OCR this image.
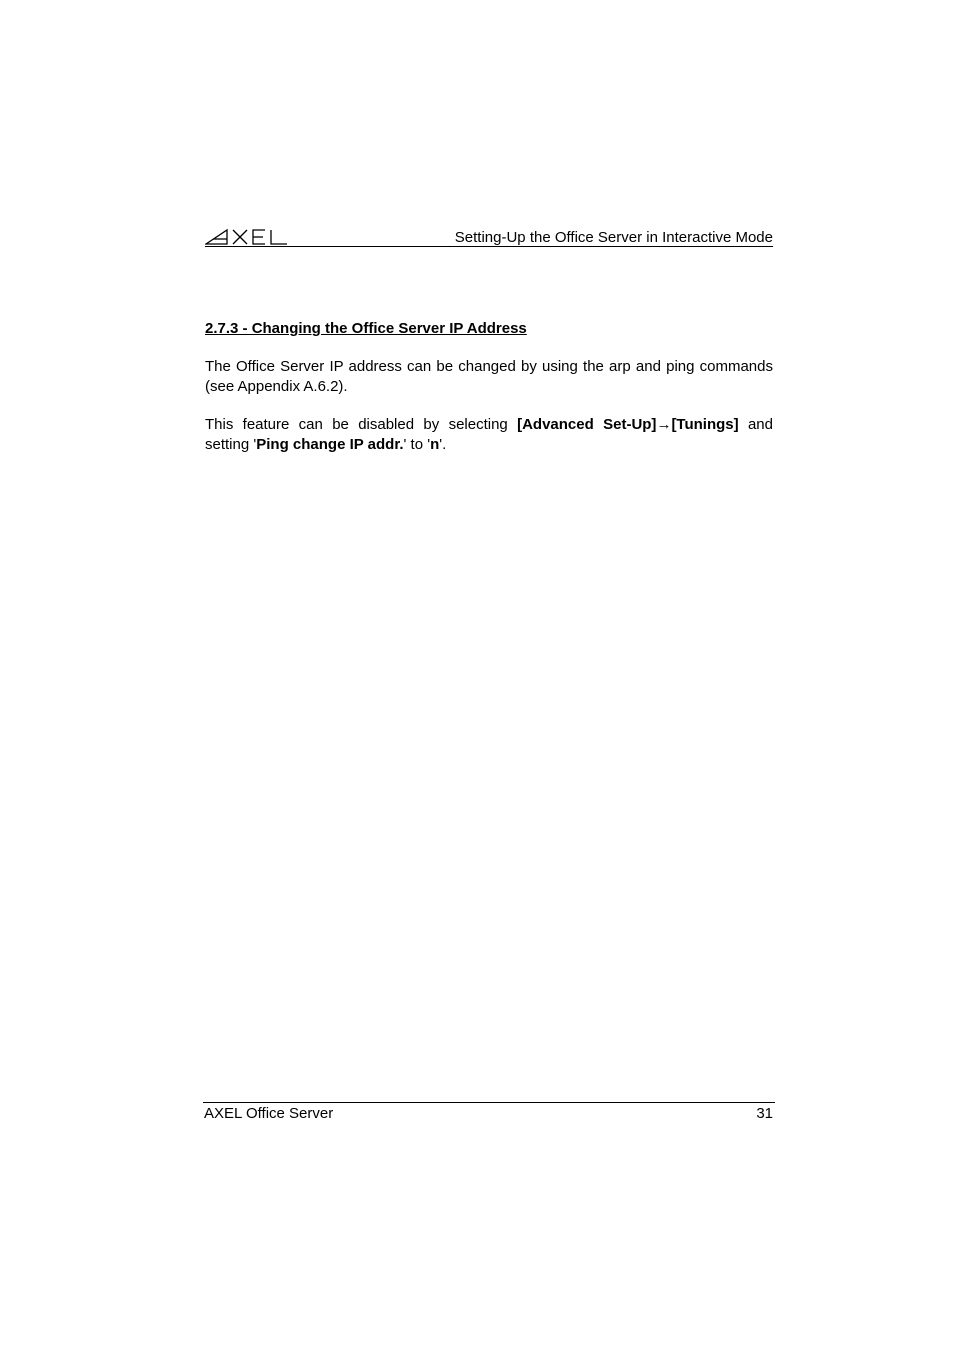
Setting-Up the Office Server in Interactive Mode
2.7.3 - Changing the Office Server IP Address

The Office Server IP address can be changed by using the arp and ping commands (see Appendix A.6.2).

This feature can be disabled by selecting [Advanced Set-Up]→[Tunings] and setting 'Ping change IP addr.' to 'n'.

AXEL Office Server	31
